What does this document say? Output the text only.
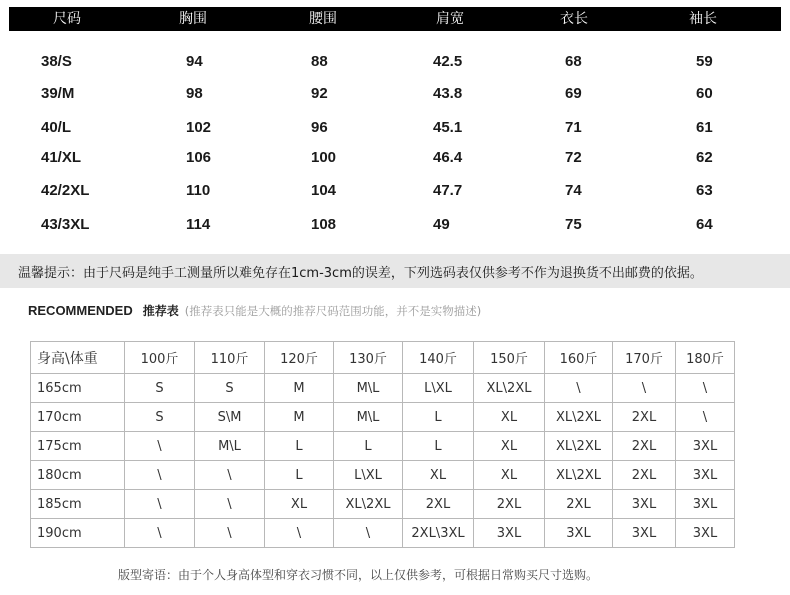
尺码	胸围	腰围	肩宽	衣长	袖长
38/S	94	88	42.5	68	59
39/M	98	92	43.8	69	60
40/L	102	96	45.1	71	61
41/XL	106	100	46.4	72	62
42/2XL	110	104	47.7	74	63
43/3XL	114	108	49	75	64
温馨提示：由于尺码是纯手工测量所以难免存在1cm-3cm的误差，下列选码表仅供参考不作为退换货不出邮费的依据。
RECOMMENDED 推荐表 (推荐表只能是大概的推荐尺码范围功能，并不是实物描述)
身高\体重	100斤	110斤	120斤	130斤	140斤	150斤	160斤	170斤	180斤
165cm	S	S	M	M\L	L\XL	XL\2XL	\	\	\
170cm	S	S\M	M	M\L	L	XL	XL\2XL	2XL	\
175cm	\	M\L	L	L	L	XL	XL\2XL	2XL	3XL
180cm	\	\	L	L\XL	XL	XL	XL\2XL	2XL	3XL
185cm	\	\	XL	XL\2XL	2XL	2XL	2XL	3XL	3XL
190cm	\	\	\	\	2XL\3XL	3XL	3XL	3XL	3XL
版型寄语：由于个人身高体型和穿衣习惯不同，以上仅供参考，可根据日常购买尺寸选购。
